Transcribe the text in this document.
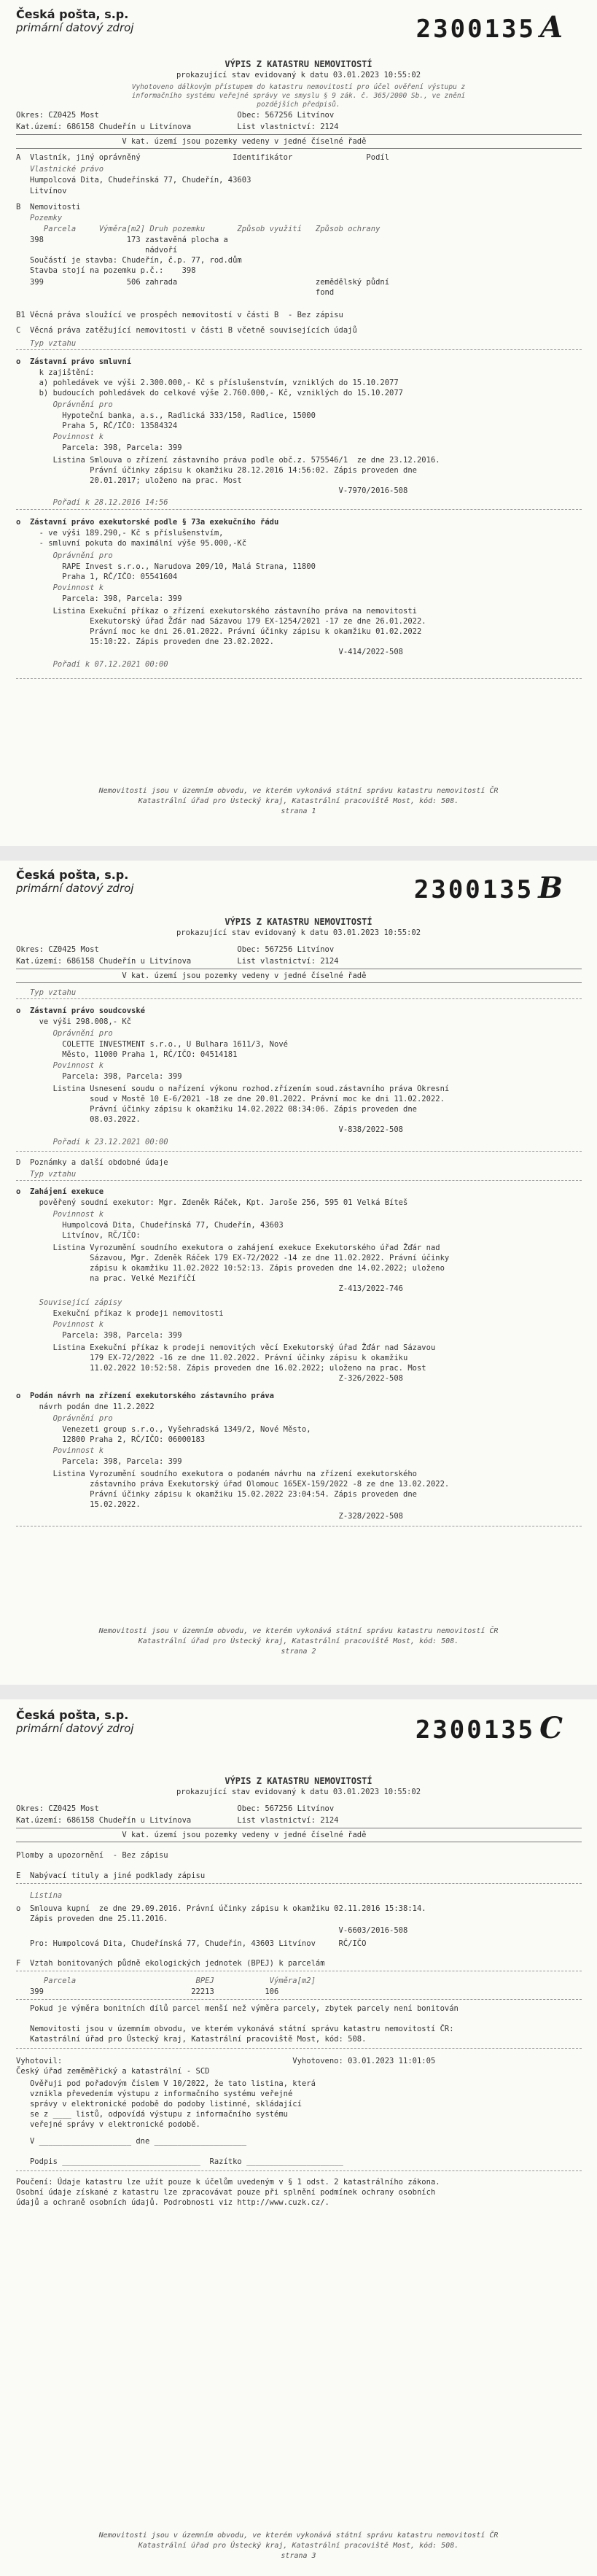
Česká pošta, s.p.
primární datový zdroj	2300135 A
VÝPIS Z KATASTRU NEMOVITOSTÍ
prokazující stav evidovaný k datu 03.01.2023 10:55:02
Vyhotoveno dálkovým přístupem do katastru nemovitostí pro účel ověření výstupu z informačního systému veřejné správy ve smyslu § 9 zák. č. 365/2000 Sb., ve znění pozdějších předpisů.
Okres: CZ0425 Most                              Obec: 567256 Litvínov
Kat.území: 686158 Chudeřín u Litvínova          List vlastnictví: 2124
V kat. území jsou pozemky vedeny v jedné číselné řadě
A  Vlastník, jiný oprávněný                    Identifikátor                Podíl
Vlastnické právo
Humpolcová Dita, Chudeřínská 77, Chudeřín, 43603
Litvínov
B  Nemovitosti
Pozemky
Parcela     Výměra[m2] Druh pozemku       Způsob využití   Způsob ochrany
398                  173 zastavěná plocha a
nádvoří
Součástí je stavba: Chudeřín, č.p. 77, rod.dům
Stavba stojí na pozemku p.č.:    398
399                  506 zahrada                              zemědělský půdní
fond
B1 Věcná práva sloužící ve prospěch nemovitostí v části B  - Bez zápisu
C  Věcná práva zatěžující nemovitosti v části B včetně souvisejících údajů
Typ vztahu
o  Zástavní právo smluvní
k zajištění:
a) pohledávek ve výši 2.300.000,- Kč s příslušenstvím, vzniklých do 15.10.2077
b) budoucích pohledávek do celkové výše 2.760.000,- Kč, vzniklých do 15.10.2077
Oprávnění pro
Hypoteční banka, a.s., Radlická 333/150, Radlice, 15000
Praha 5, RČ/IČO: 13584324
Povinnost k
Parcela: 398, Parcela: 399
Listina Smlouva o zřízení zástavního práva podle obč.z. 575546/1  ze dne 23.12.2016.
Právní účinky zápisu k okamžiku 28.12.2016 14:56:02. Zápis proveden dne
20.01.2017; uloženo na prac. Most
V-7970/2016-508
Pořadí k 28.12.2016 14:56
o  Zástavní právo exekutorské podle § 73a exekučního řádu
- ve výši 189.290,- Kč s příslušenstvím,
- smluvní pokuta do maximální výše 95.000,-Kč
Oprávnění pro
RAPE Invest s.r.o., Narudova 209/10, Malá Strana, 11800
Praha 1, RČ/IČO: 05541604
Povinnost k
Parcela: 398, Parcela: 399
Listina Exekuční příkaz o zřízení exekutorského zástavního práva na nemovitosti
Exekutorský úřad Žďár nad Sázavou 179 EX-1254/2021 -17 ze dne 26.01.2022.
Právní moc ke dni 26.01.2022. Právní účinky zápisu k okamžiku 01.02.2022
15:10:22. Zápis proveden dne 23.02.2022.
V-414/2022-508
Pořadí k 07.12.2021 00:00
Nemovitosti jsou v územním obvodu, ve kterém vykonává státní správu katastru nemovitostí ČR
Katastrální úřad pro Ústecký kraj, Katastrální pracoviště Most, kód: 508.
strana 1
Česká pošta, s.p.
primární datový zdroj	2300135 B
VÝPIS Z KATASTRU NEMOVITOSTÍ
prokazující stav evidovaný k datu 03.01.2023 10:55:02
Okres: CZ0425 Most                              Obec: 567256 Litvínov
Kat.území: 686158 Chudeřín u Litvínova          List vlastnictví: 2124
V kat. území jsou pozemky vedeny v jedné číselné řadě
Typ vztahu
o  Zástavní právo soudcovské
ve výši 298.008,- Kč
Oprávnění pro
COLETTE INVESTMENT s.r.o., U Bulhara 1611/3, Nové
Město, 11000 Praha 1, RČ/IČO: 04514181
Povinnost k
Parcela: 398, Parcela: 399
Listina Usnesení soudu o nařízení výkonu rozhod.zřízením soud.zástavního práva Okresní
soud v Mostě 10 E-6/2021 -18 ze dne 20.01.2022. Právní moc ke dni 11.02.2022.
Právní účinky zápisu k okamžiku 14.02.2022 08:34:06. Zápis proveden dne
08.03.2022.
V-838/2022-508
Pořadí k 23.12.2021 00:00
D  Poznámky a další obdobné údaje
Typ vztahu
o  Zahájení exekuce
pověřený soudní exekutor: Mgr. Zdeněk Ráček, Kpt. Jaroše 256, 595 01 Velká Bíteš
Povinnost k
Humpolcová Dita, Chudeřínská 77, Chudeřín, 43603
Litvínov, RČ/IČO:
Listina Vyrozumění soudního exekutora o zahájení exekuce Exekutorského úřad Žďár nad
Sázavou, Mgr. Zdeněk Ráček 179 EX-72/2022 -14 ze dne 11.02.2022. Právní účinky
zápisu k okamžiku 11.02.2022 10:52:13. Zápis proveden dne 14.02.2022; uloženo
na prac. Velké Meziříčí
Z-413/2022-746
Související zápisy
Exekuční příkaz k prodeji nemovitosti
Povinnost k
Parcela: 398, Parcela: 399
Listina Exekuční příkaz k prodeji nemovitých věcí Exekutorský úřad Žďár nad Sázavou
179 EX-72/2022 -16 ze dne 11.02.2022. Právní účinky zápisu k okamžiku
11.02.2022 10:52:58. Zápis proveden dne 16.02.2022; uloženo na prac. Most
Z-326/2022-508
o  Podán návrh na zřízení exekutorského zástavního práva
návrh podán dne 11.2.2022
Oprávnění pro
Venezeti group s.r.o., Vyšehradská 1349/2, Nové Město,
12800 Praha 2, RČ/IČO: 06000183
Povinnost k
Parcela: 398, Parcela: 399
Listina Vyrozumění soudního exekutora o podaném návrhu na zřízení exekutorského
zástavního práva Exekutorský úřad Olomouc 165EX-159/2022 -8 ze dne 13.02.2022.
Právní účinky zápisu k okamžiku 15.02.2022 23:04:54. Zápis proveden dne
15.02.2022.
Z-328/2022-508
Nemovitosti jsou v územním obvodu, ve kterém vykonává státní správu katastru nemovitostí ČR
Katastrální úřad pro Ústecký kraj, Katastrální pracoviště Most, kód: 508.
strana 2
Česká pošta, s.p.
primární datový zdroj	2300135 C
VÝPIS Z KATASTRU NEMOVITOSTÍ
prokazující stav evidovaný k datu 03.01.2023 10:55:02
Okres: CZ0425 Most                              Obec: 567256 Litvínov
Kat.území: 686158 Chudeřín u Litvínova          List vlastnictví: 2124
V kat. území jsou pozemky vedeny v jedné číselné řadě
Plomby a upozornění  - Bez zápisu
E  Nabývací tituly a jiné podklady zápisu
Listina
o  Smlouva kupní  ze dne 29.09.2016. Právní účinky zápisu k okamžiku 02.11.2016 15:38:14.
Zápis proveden dne 25.11.2016.
V-6603/2016-508
Pro: Humpolcová Dita, Chudeřínská 77, Chudeřín, 43603 Litvínov     RČ/IČO
F  Vztah bonitovaných půdně ekologických jednotek (BPEJ) k parcelám
Parcela                          BPEJ            Výměra[m2]
399                                22213           106
Pokud je výměra bonitních dílů parcel menší než výměra parcely, zbytek parcely není bonitován
Nemovitosti jsou v územním obvodu, ve kterém vykonává státní správu katastru nemovitostí ČR:
Katastrální úřad pro Ústecký kraj, Katastrální pracoviště Most, kód: 508.
Vyhotovil:                                                  Vyhotoveno: 03.01.2023 11:01:05
Český úřad zeměměřický a katastrální - SCD
Ověřuji pod pořadovým číslem V 10/2022, že tato listina, která
vznikla převedením výstupu z informačního systému veřejné
správy v elektronické podobě do podoby listinné, skládající
se z ____ listů, odpovídá výstupu z informačního systému
veřejné správy v elektronické podobě.
V ____________________ dne ____________________
Podpis ______________________________  Razítko _____________________
Poučení: Údaje katastru lze užít pouze k účelům uvedeným v § 1 odst. 2 katastrálního zákona.
Osobní údaje získané z katastru lze zpracovávat pouze při splnění podmínek ochrany osobních
údajů a ochraně osobních údajů. Podrobnosti viz http://www.cuzk.cz/.
Nemovitosti jsou v územním obvodu, ve kterém vykonává státní správu katastru nemovitostí ČR
Katastrální úřad pro Ústecký kraj, Katastrální pracoviště Most, kód: 508.
strana 3
